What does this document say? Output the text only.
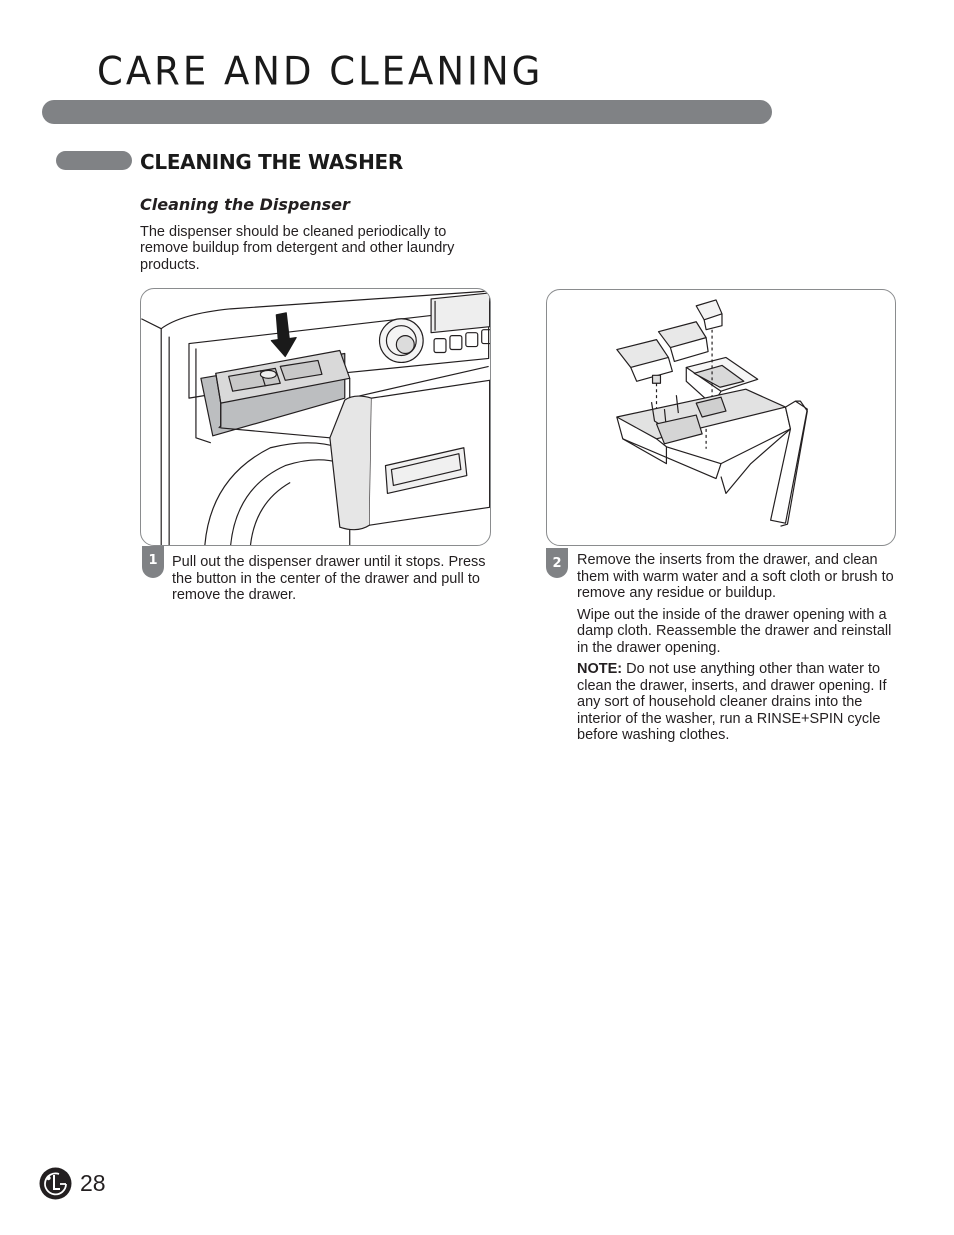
CARE AND CLEANING
CLEANING THE WASHER
Cleaning the Dispenser
The dispenser should be cleaned periodically to remove buildup from detergent and other laundry products.
1 Pull out the dispenser drawer until it stops. Press the button in the center of the drawer and pull to remove the drawer.
2	Remove the inserts from the drawer, and clean them with warm water and a soft cloth or brush to remove any residue or buildup.

Wipe out the inside of the drawer opening with a damp cloth. Reassemble the drawer and reinstall in the drawer opening.

NOTE: Do not use anything other than water to clean the drawer, inserts, and drawer opening. If any sort of household cleaner drains into the interior of the washer, run a RINSE+SPIN cycle before washing clothes.

28
